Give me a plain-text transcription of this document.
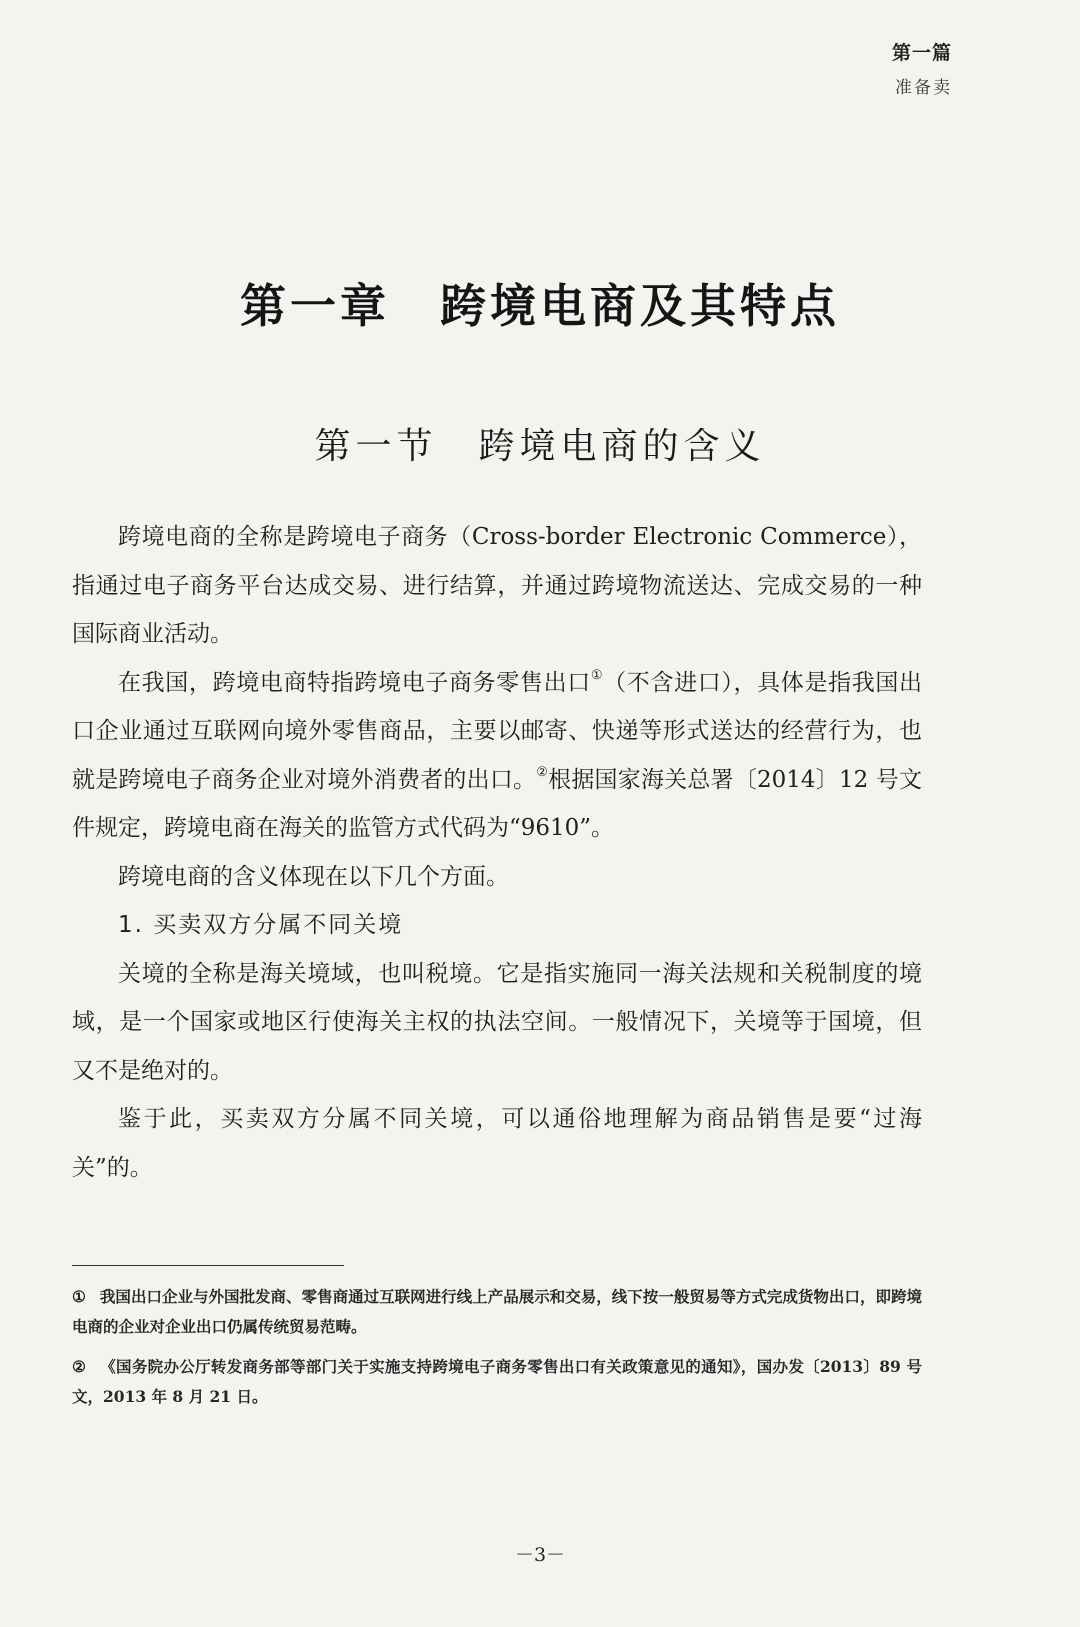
第一篇
准备卖
第一章　跨境电商及其特点
第一节　跨境电商的含义

跨境电商的全称是跨境电子商务（Cross-border Electronic Commerce），指通过电子商务平台达成交易、进行结算，并通过跨境物流送达、完成交易的一种国际商业活动。

在我国，跨境电商特指跨境电子商务零售出口①（不含进口），具体是指我国出口企业通过互联网向境外零售商品，主要以邮寄、快递等形式送达的经营行为，也就是跨境电子商务企业对境外消费者的出口。②根据国家海关总署〔2014〕12 号文件规定，跨境电商在海关的监管方式代码为“9610”。

跨境电商的含义体现在以下几个方面。

1. 买卖双方分属不同关境

关境的全称是海关境域，也叫税境。它是指实施同一海关法规和关税制度的境域，是一个国家或地区行使海关主权的执法空间。一般情况下，关境等于国境，但又不是绝对的。

鉴于此，买卖双方分属不同关境，可以通俗地理解为商品销售是要“过海关”的。

① 我国出口企业与外国批发商、零售商通过互联网进行线上产品展示和交易，线下按一般贸易等方式完成货物出口，即跨境电商的企业对企业出口仍属传统贸易范畴。
② 《国务院办公厅转发商务部等部门关于实施支持跨境电子商务零售出口有关政策意见的通知》，国办发〔2013〕89 号文，2013 年 8 月 21 日。
－3－
